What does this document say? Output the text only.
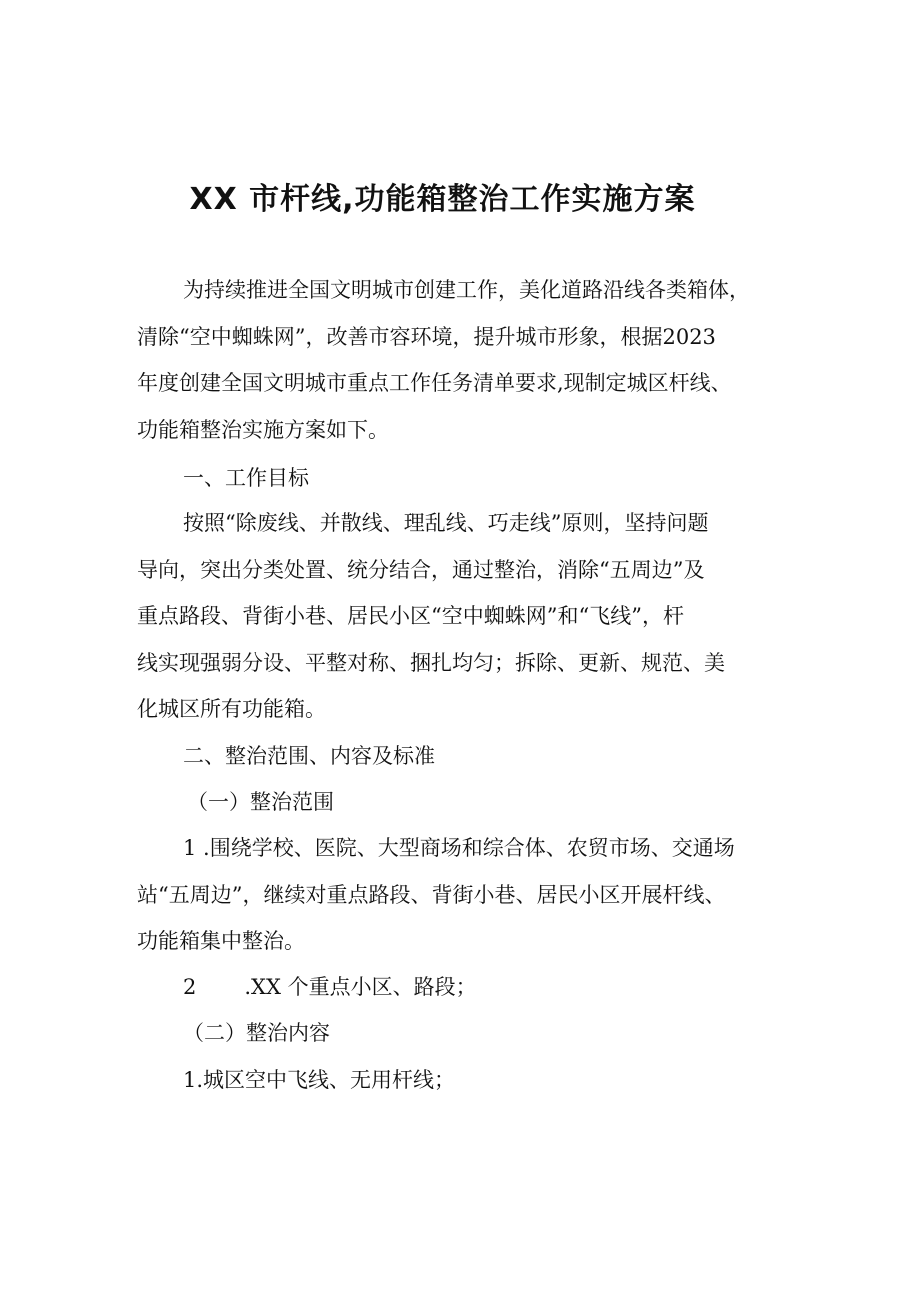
XX 市杆线,功能箱整治工作实施方案
为持续推进全国文明城市创建工作，美化道路沿线各类箱体，
清除“空中蜘蛛网”，改善市容环境，提升城市形象，根据2023
年度创建全国文明城市重点工作任务清单要求,现制定城区杆线、
功能箱整治实施方案如下。
一、工作目标
按照“除废线、并散线、理乱线、巧走线”原则，坚持问题
导向，突出分类处置、统分结合，通过整治，消除“五周边”及
重点路段、背街小巷、居民小区“空中蜘蛛网”和“飞线”，杆
线实现强弱分设、平整对称、捆扎均匀；拆除、更新、规范、美
化城区所有功能箱。
二、整治范围、内容及标准
（一）整治范围
1 .围绕学校、医院、大型商场和综合体、农贸市场、交通场
站“五周边”，继续对重点路段、背街小巷、居民小区开展杆线、
功能箱集中整治。
2 .XX 个重点小区、路段；
（二）整治内容
1.城区空中飞线、无用杆线；
